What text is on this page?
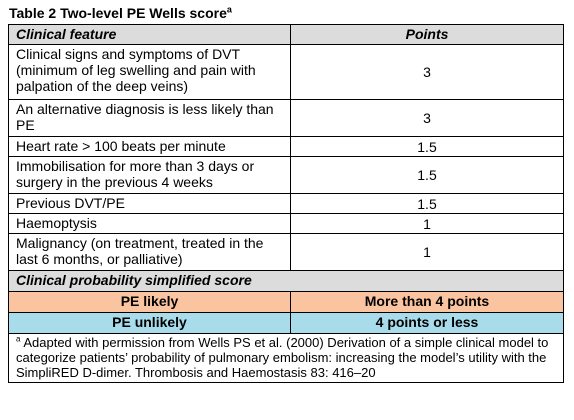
Table 2 Two-level PE Wells score$^a$
Clinical feature	Points
Clinical signs and symptoms of DVT (minimum of leg swelling and pain with palpation of the deep veins)	3
An alternative diagnosis is less likely than PE	3
Heart rate > 100 beats per minute	1.5
Immobilisation for more than 3 days or surgery in the previous 4 weeks	1.5
Previous DVT/PE	1.5
Haemoptysis	1
Malignancy (on treatment, treated in the last 6 months, or palliative)	1
Clinical probability simplified score	
PE likely	More than 4 points
PE unlikely	4 points or less
$^a$ Adapted with permission from Wells PS et al. (2000) Derivation of a simple clinical model to categorize patients’ probability of pulmonary embolism: increasing the model’s utility with the SimpliRED D-dimer. Thrombosis and Haemostasis 83: 416–20	
